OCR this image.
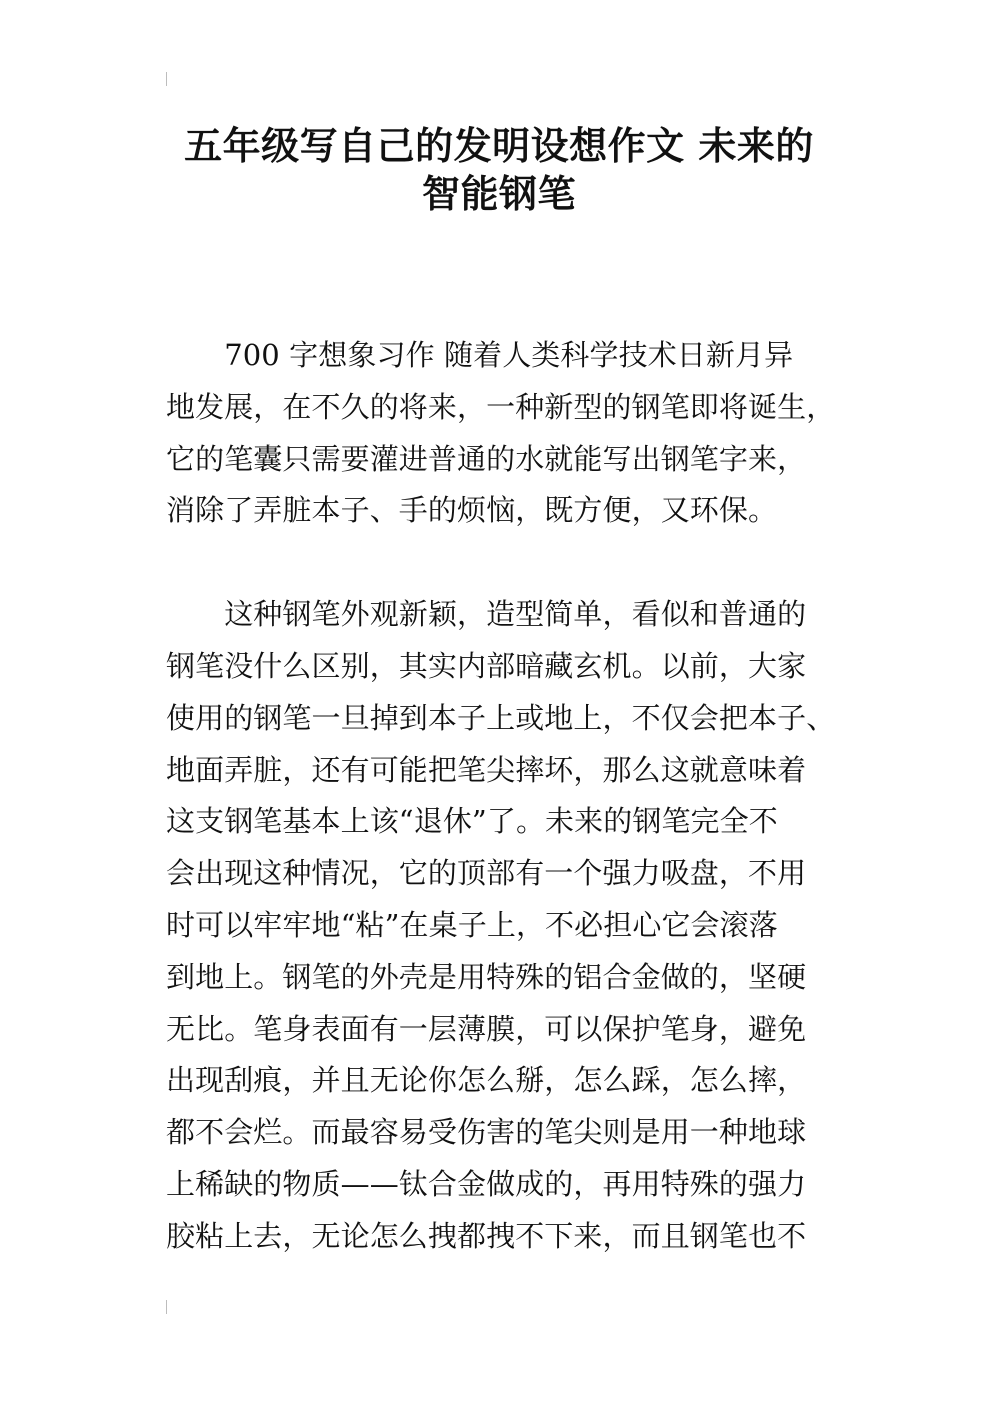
五年级写自己的发明设想作文 未来的
智能钢笔

　　700 字想象习作 随着人类科学技术日新月异
地发展，在不久的将来，一种新型的钢笔即将诞生，
它的笔囊只需要灌进普通的水就能写出钢笔字来，
消除了弄脏本子、手的烦恼，既方便，又环保。

　　这种钢笔外观新颖，造型简单，看似和普通的
钢笔没什么区别，其实内部暗藏玄机。以前，大家
使用的钢笔一旦掉到本子上或地上，不仅会把本子、
地面弄脏，还有可能把笔尖摔坏，那么这就意味着
这支钢笔基本上该“退休”了。未来的钢笔完全不
会出现这种情况，它的顶部有一个强力吸盘，不用
时可以牢牢地“粘”在桌子上，不必担心它会滚落
到地上。钢笔的外壳是用特殊的铝合金做的，坚硬
无比。笔身表面有一层薄膜，可以保护笔身，避免
出现刮痕，并且无论你怎么掰，怎么踩，怎么摔，
都不会烂。而最容易受伤害的笔尖则是用一种地球
上稀缺的物质——钛合金做成的，再用特殊的强力
胶粘上去，无论怎么拽都拽不下来，而且钢笔也不
